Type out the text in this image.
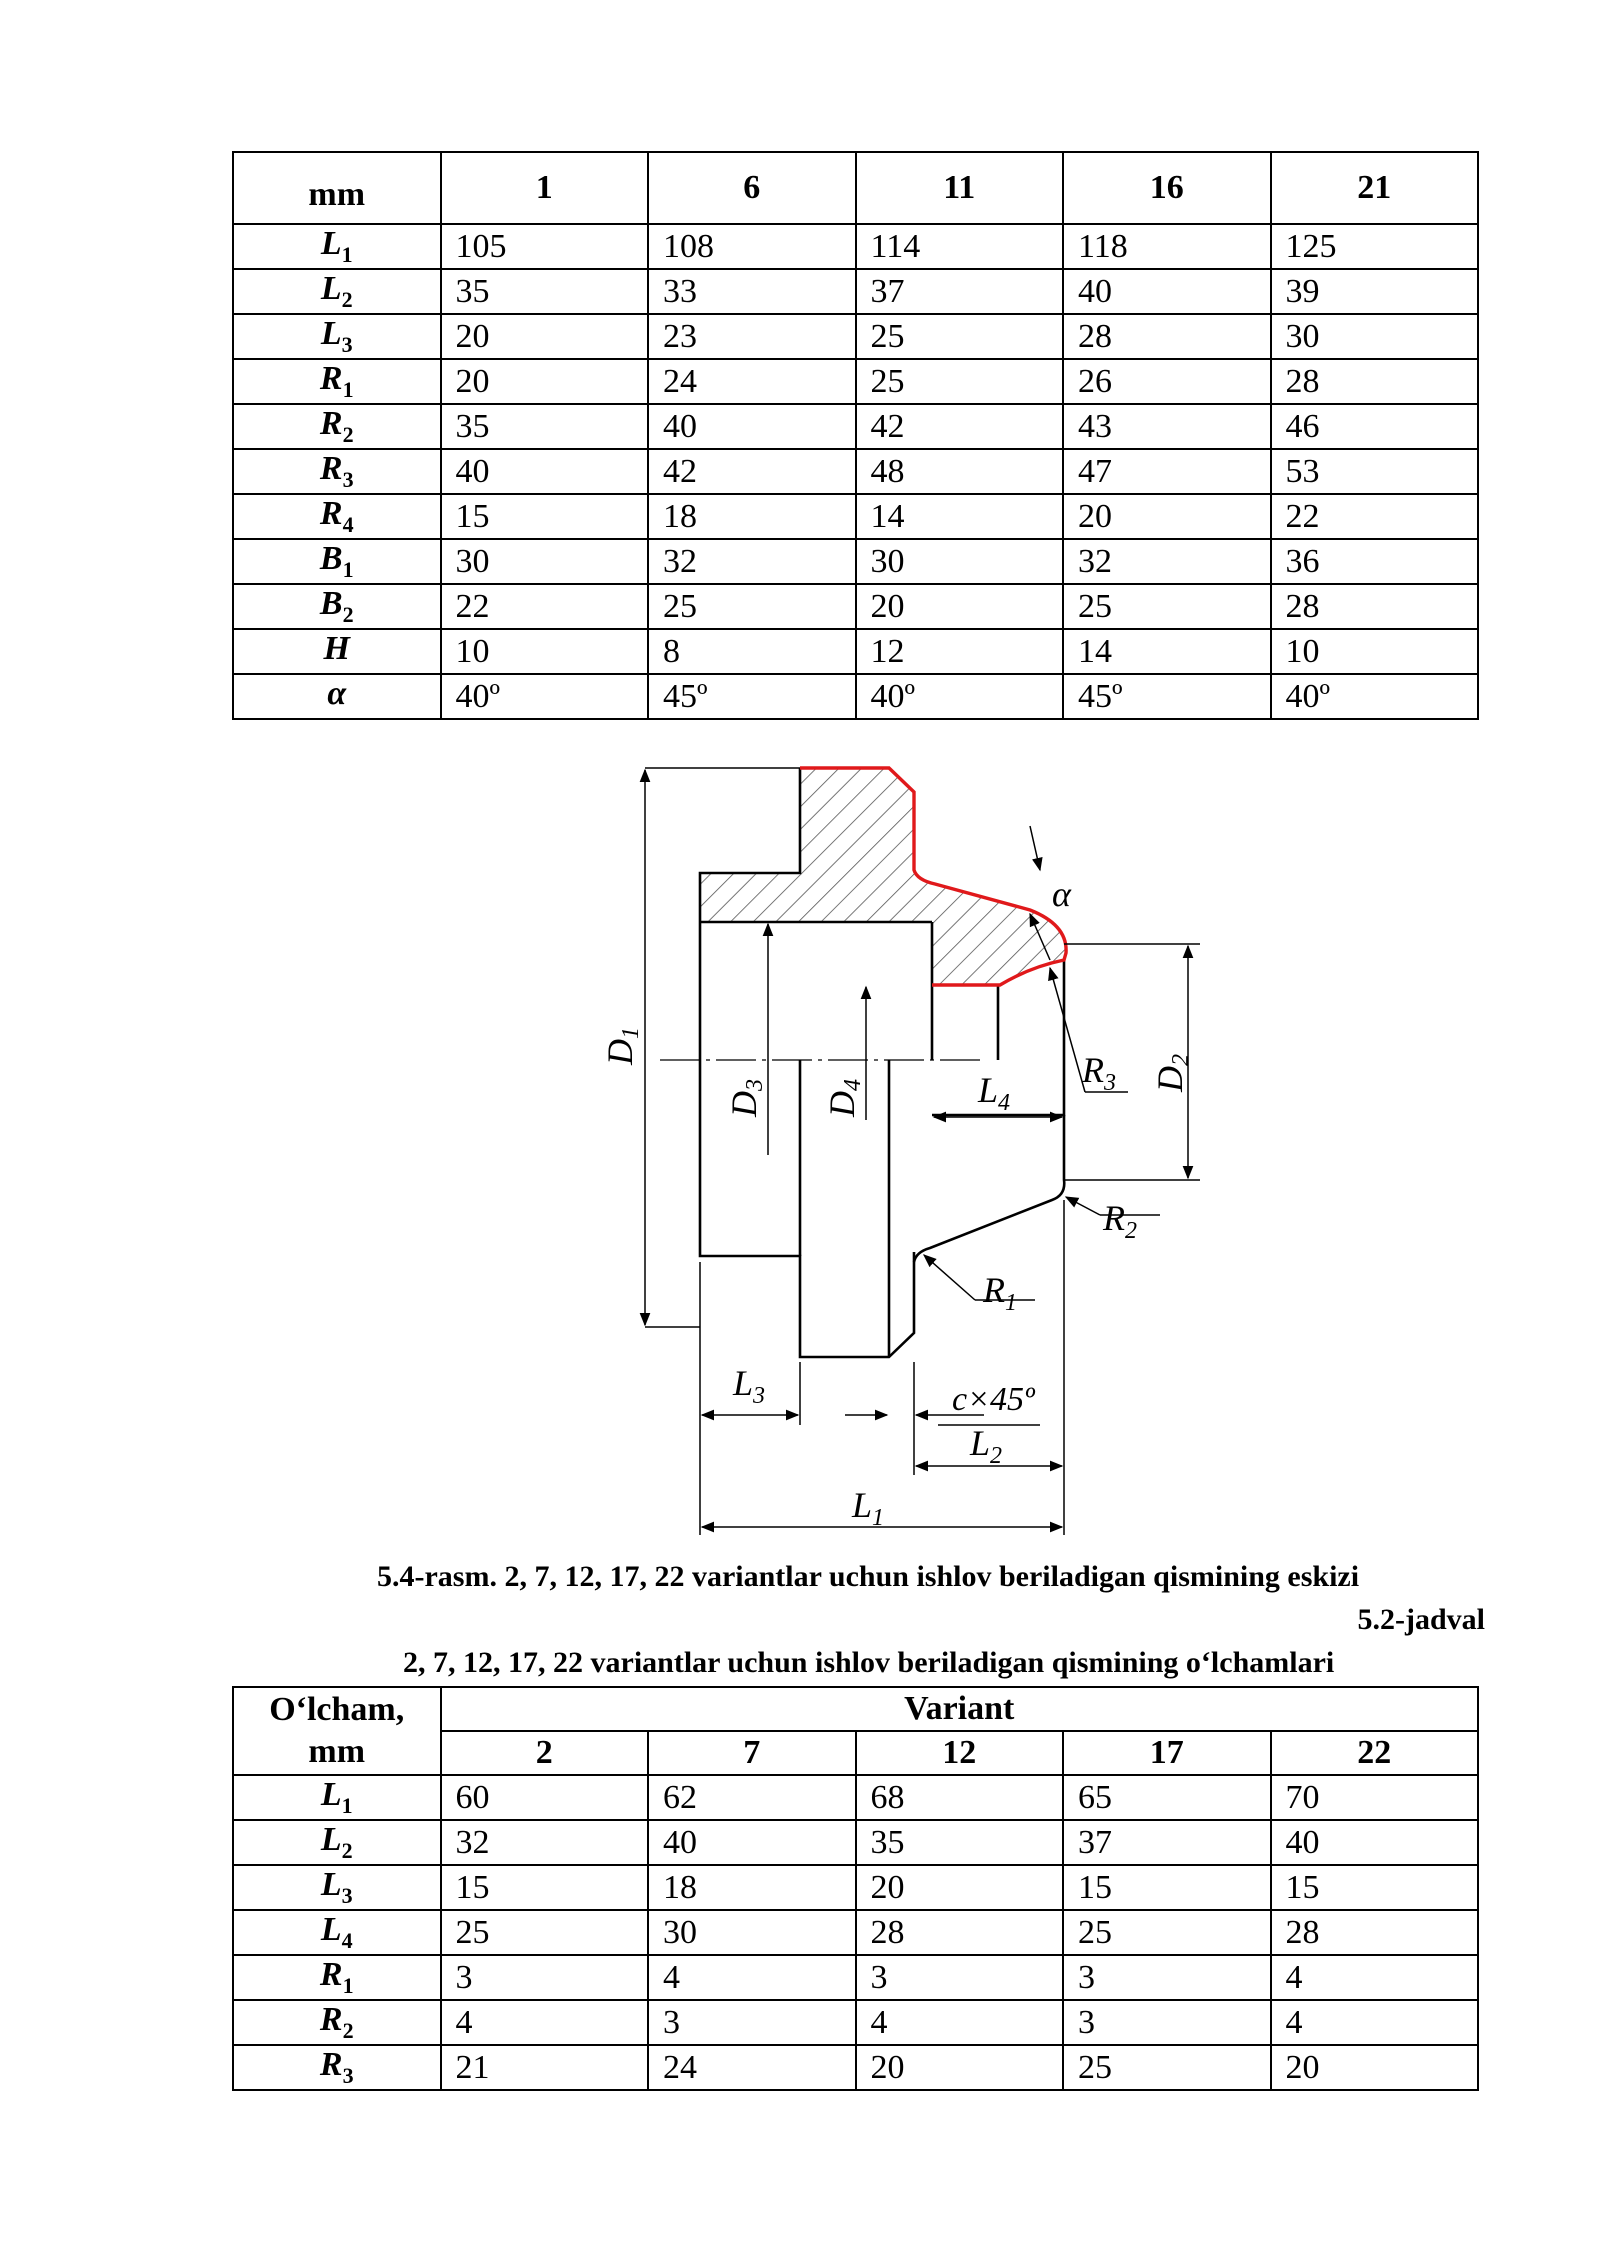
mm	1	6	11	16	21
$L_1$	105	108	114	118	125
$L_2$	35	33	37	40	39
$L_3$	20	23	25	28	30
$R_1$	20	24	25	26	28
$R_2$	35	40	42	43	46
$R_3$	40	42	48	47	53
$R_4$	15	18	14	20	22
$B_1$	30	32	30	32	36
$B_2$	22	25	20	25	28
H	10	8	12	14	10
α	40º	45º	40º	45º	40º
D1
D2
D3
D4	$L_4$
$R_3$
$R_2$
$R_1$
$L_3$
$L_2$
$L_1$
c×45º
α
5.4-rasm. 2, 7, 12, 17, 22 variantlar uchun ishlov beriladigan qismining eskizi
5.2-jadval
2, 7, 12, 17, 22 variantlar uchun ishlov beriladigan qismining o‘lchamlari
O‘lcham,
mm	Variant				
	2	7	12	17	22
$L_1$	60	62	68	65	70
$L_2$	32	40	35	37	40
$L_3$	15	18	20	15	15
$L_4$	25	30	28	25	28
$R_1$	3	4	3	3	4
$R_2$	4	3	4	3	4
$R_3$	21	24	20	25	20
